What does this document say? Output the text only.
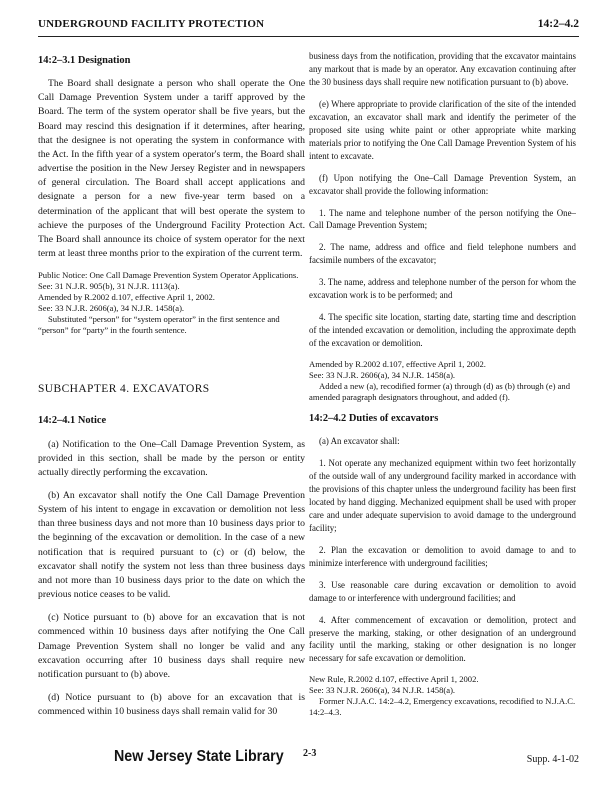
UNDERGROUND FACILITY PROTECTION	14:2–4.2
14:2–3.1 Designation

The Board shall designate a person who shall operate the One Call Damage Prevention System under a tariff approved by the Board. The term of the system operator shall be five years, but the Board may rescind this designation if it determines, after hearing, that the designee is not operating the system in conformance with the Act. In the fifth year of a system operator's term, the Board shall advertise the position in the New Jersey Register and in newspapers of general circulation. The Board shall accept applications and designate a person for a new five-year term based on a determination of the applicant that will best operate the system to achieve the purposes of the Underground Facility Protection Act. The Board shall announce its choice of system operator for the next term at least three months prior to the expiration of the current term.

Public Notice: One Call Damage Prevention System Operator Applications.

See: 31 N.J.R. 905(b), 31 N.J.R. 1113(a).

Amended by R.2002 d.107, effective April 1, 2002.

See: 33 N.J.R. 2606(a), 34 N.J.R. 1458(a).

Substituted “person” for “system operator” in the first sentence and “person” for “party” in the fourth sentence.

SUBCHAPTER 4. EXCAVATORS
14:2–4.1 Notice

(a) Notification to the One–Call Damage Prevention System, as provided in this section, shall be made by the person or entity actually directly performing the excavation.

(b) An excavator shall notify the One Call Damage Prevention System of his intent to engage in excavation or demolition not less than three business days and not more than 10 business days prior to the beginning of the excavation or demolition. In the case of a new notification that is required pursuant to (c) or (d) below, the excavator shall notify the system not less than three business days and not more than 10 business days prior to the date on which the previous notice ceases to be valid.

(c) Notice pursuant to (b) above for an excavation that is not commenced within 10 business days after notifying the One Call Damage Prevention System shall no longer be valid and any excavation occurring after 10 business days shall require new notification pursuant to (b) above.

(d) Notice pursuant to (b) above for an excavation that is commenced within 10 business days shall remain valid for 30

business days from the notification, providing that the excavator maintains any markout that is made by an operator. Any excavation continuing after the 30 business days shall require new notification pursuant to (b) above.

(e) Where appropriate to provide clarification of the site of the intended excavation, an excavator shall mark and identify the perimeter of the proposed site using white paint or other appropriate white marking materials prior to notifying the One Call Damage Prevention System of his intent to excavate.

(f) Upon notifying the One–Call Damage Prevention System, an excavator shall provide the following information:

1. The name and telephone number of the person notifying the One–Call Damage Prevention System;

2. The name, address and office and field telephone numbers and facsimile numbers of the excavator;

3. The name, address and telephone number of the person for whom the excavation work is to be performed; and

4. The specific site location, starting date, starting time and description of the intended excavation or demolition, including the approximate depth of the excavation or demolition.

Amended by R.2002 d.107, effective April 1, 2002.

See: 33 N.J.R. 2606(a), 34 N.J.R. 1458(a).

Added a new (a), recodified former (a) through (d) as (b) through (e) and amended paragraph designators throughout, and added (f).

14:2–4.2 Duties of excavators

(a) An excavator shall:

1. Not operate any mechanized equipment within two feet horizontally of the outside wall of any underground facility marked in accordance with the provisions of this chapter unless the underground facility has been first located by hand digging. Mechanized equipment shall be used with proper care and under adequate supervision to avoid damage to the underground facility;

2. Plan the excavation or demolition to avoid damage to and to minimize interference with underground facilities;

3. Use reasonable care during excavation or demolition to avoid damage to or interference with underground facilities; and

4. After commencement of excavation or demolition, protect and preserve the marking, staking, or other designation of an underground facility until the marking, staking or other designation is no longer necessary for safe excavation or demolition.

New Rule, R.2002 d.107, effective April 1, 2002.

See: 33 N.J.R. 2606(a), 34 N.J.R. 1458(a).

Former N.J.A.C. 14:2–4.2, Emergency excavations, recodified to N.J.A.C. 14:2–4.3.

New Jersey State Library 2-3
Supp. 4-1-02
